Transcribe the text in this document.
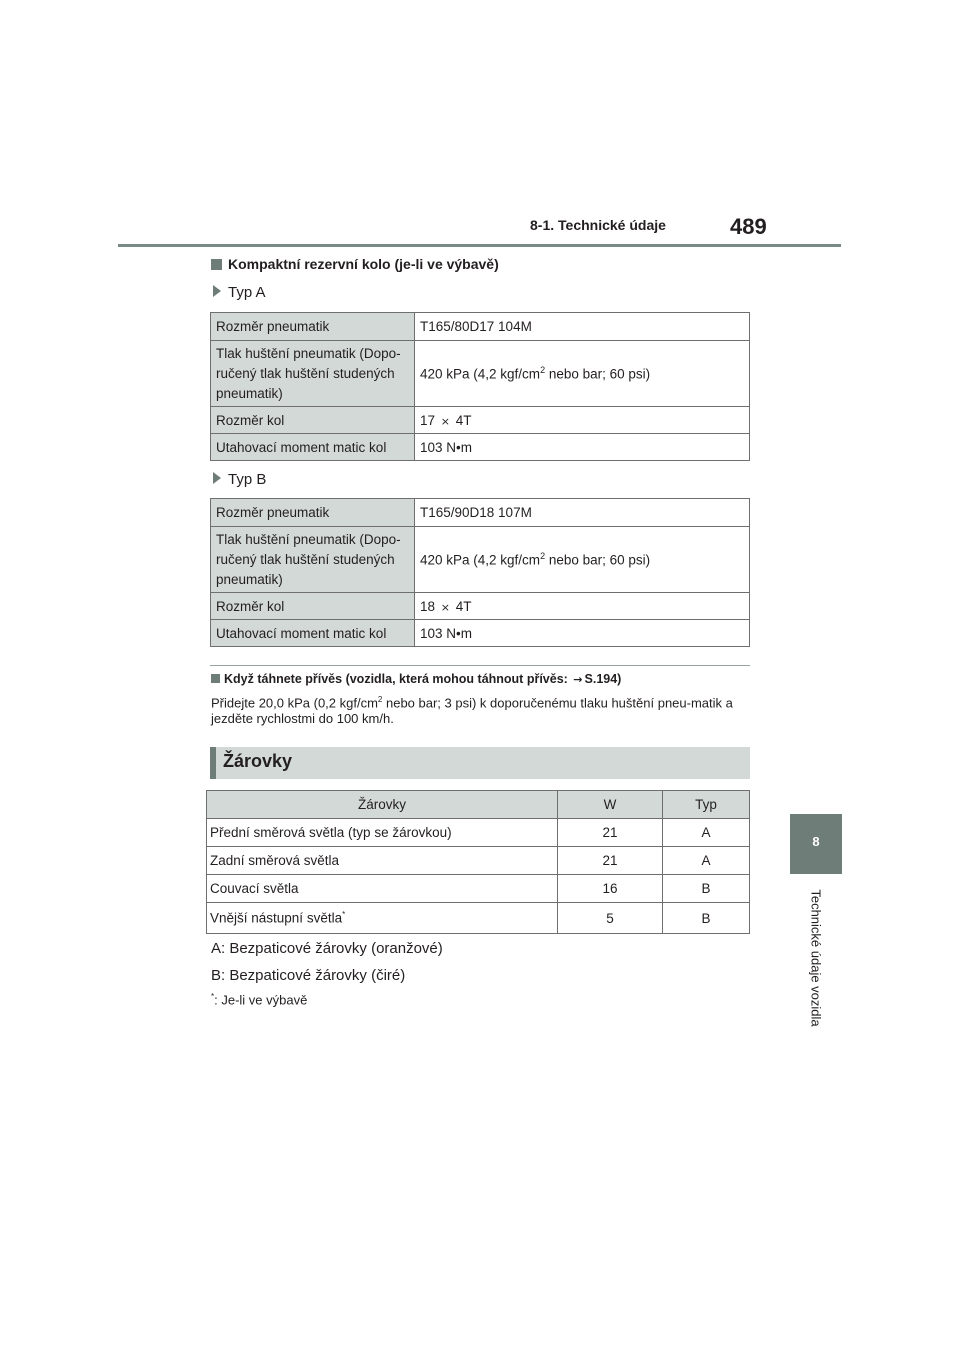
8-1. Technické údaje	489
8
Technické údaje vozidla
Kompaktní rezervní kolo (je-li ve výbavě)
Typ A
Rozměr pneumatik	T165/80D17 104M
Tlak huštění pneumatik (Dopo-ručený tlak huštění studených pneumatik)	420 kPa (4,2 kgf/$cm^2$ nebo bar; 60 psi)
Rozměr kol	17 × 4T
Utahovací moment matic kol	103 N•m
Typ B
Rozměr pneumatik	T165/90D18 107M
Tlak huštění pneumatik (Dopo-ručený tlak huštění studených pneumatik)	420 kPa (4,2 kgf/$cm^2$ nebo bar; 60 psi)
Rozměr kol	18 × 4T
Utahovací moment matic kol	103 N•m
Když táhnete přívěs (vozidla, která mohou táhnout přívěs: → S.194)
Přidejte 20,0 kPa (0,2 kgf/$cm^2$ nebo bar; 3 psi) k doporučenému tlaku huštění pneu-matik a jezděte rychlostmi do 100 km/h.
Žárovky
Žárovky	W	Typ
Přední směrová světla (typ se žárovkou)	21	A
Zadní směrová světla	21	A
Couvací světla	16	B
Vnější nástupní světla*	5	B
A: Bezpaticové žárovky (oranžové)
B: Bezpaticové žárovky (čiré)
*: Je-li ve výbavě
